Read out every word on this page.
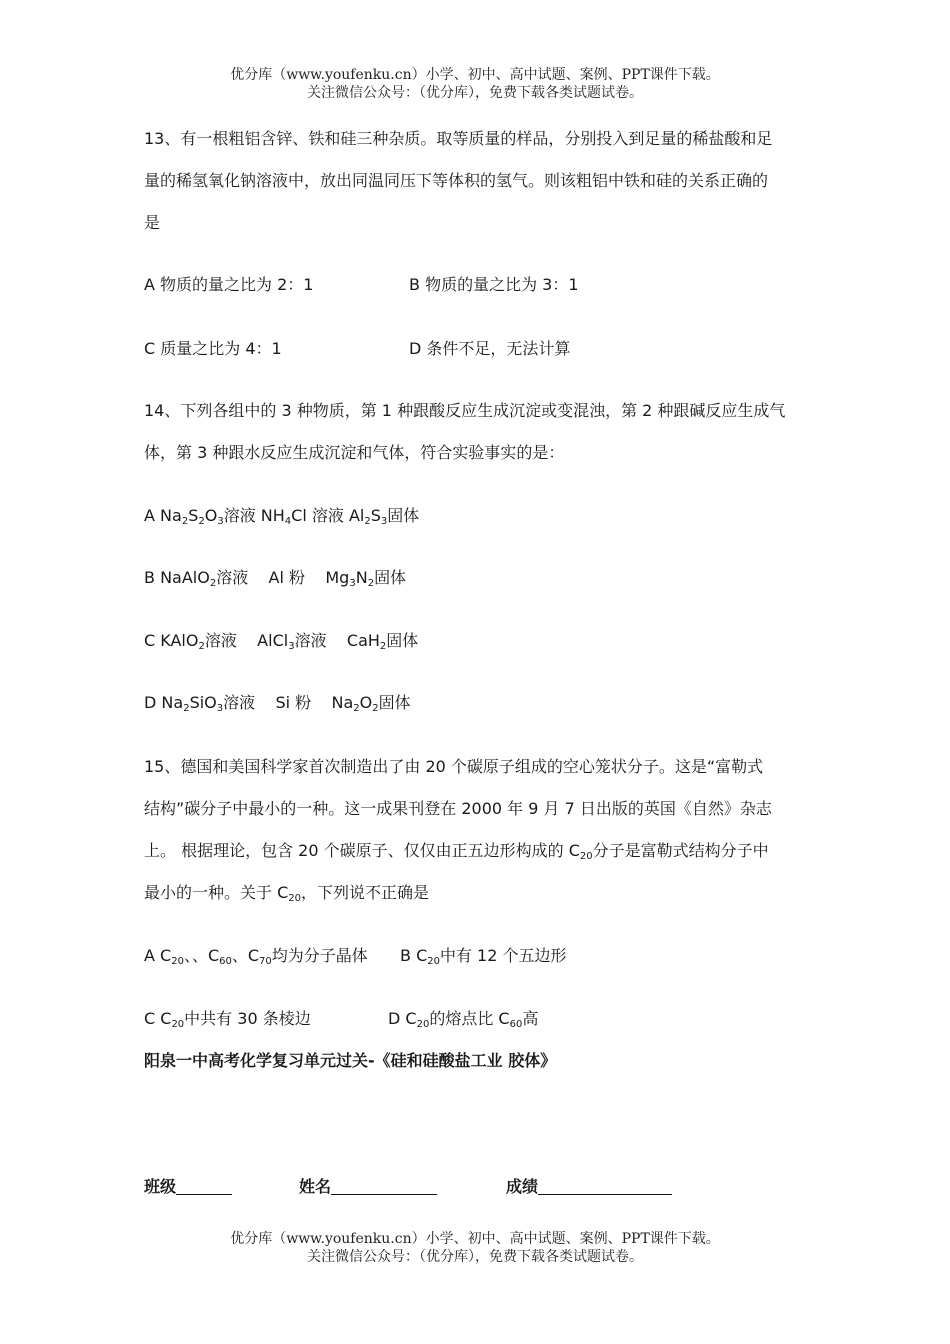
优分库（www.youfenku.cn）小学、初中、高中试题、案例、PPT课件下载。
关注微信公众号：（优分库），免费下载各类试题试卷。
13、有一根粗铝含锌、铁和硅三种杂质。取等质量的样品，分别投入到足量的稀盐酸和足
量的稀氢氧化钠溶液中，放出同温同压下等体积的氢气。则该粗铝中铁和硅的关系正确的
是
A 物质的量之比为 2：1	B 物质的量之比为 3：1
C 质量之比为 4：1	D 条件不足，无法计算
14、下列各组中的 3 种物质，第 1 种跟酸反应生成沉淀或变混浊，第 2 种跟碱反应生成气
体，第 3 种跟水反应生成沉淀和气体，符合实验事实的是：
A $Na_2S_2O_3$溶液 $NH_4Cl$ 溶液 $Al_2S_3$固体
B NaAlO$_2$溶液    Al 粉    $Mg_3N_2$固体
C KAlO$_2$溶液    AlCl$_3$溶液    CaH$_2$固体
D $Na_2SiO_3$溶液    Si 粉    $Na_2O_2$固体
15、德国和美国科学家首次制造出了由 20 个碳原子组成的空心笼状分子。这是“富勒式
结构”碳分子中最小的一种。这一成果刊登在 2000 年 9 月 7 日出版的英国《自然》杂志
上。 根据理论，包含 20 个碳原子、仅仅由正五边形构成的 $C_{20}$分子是富勒式结构分子中
最小的一种。关于 $C_{20}$，下列说不正确是
A $C_{20}$、、$C_{60}$、$C_{70}$均为分子晶体 B $C_{20}$中有 12 个五边形
C $C_{20}$中共有 30 条棱边	D $C_{20}$的熔点比 $C_{60}$高
阳泉一中高考化学复习单元过关-《硅和硅酸盐工业 胶体》
班级	姓名	成绩
优分库（www.youfenku.cn）小学、初中、高中试题、案例、PPT课件下载。
关注微信公众号：（优分库），免费下载各类试题试卷。
